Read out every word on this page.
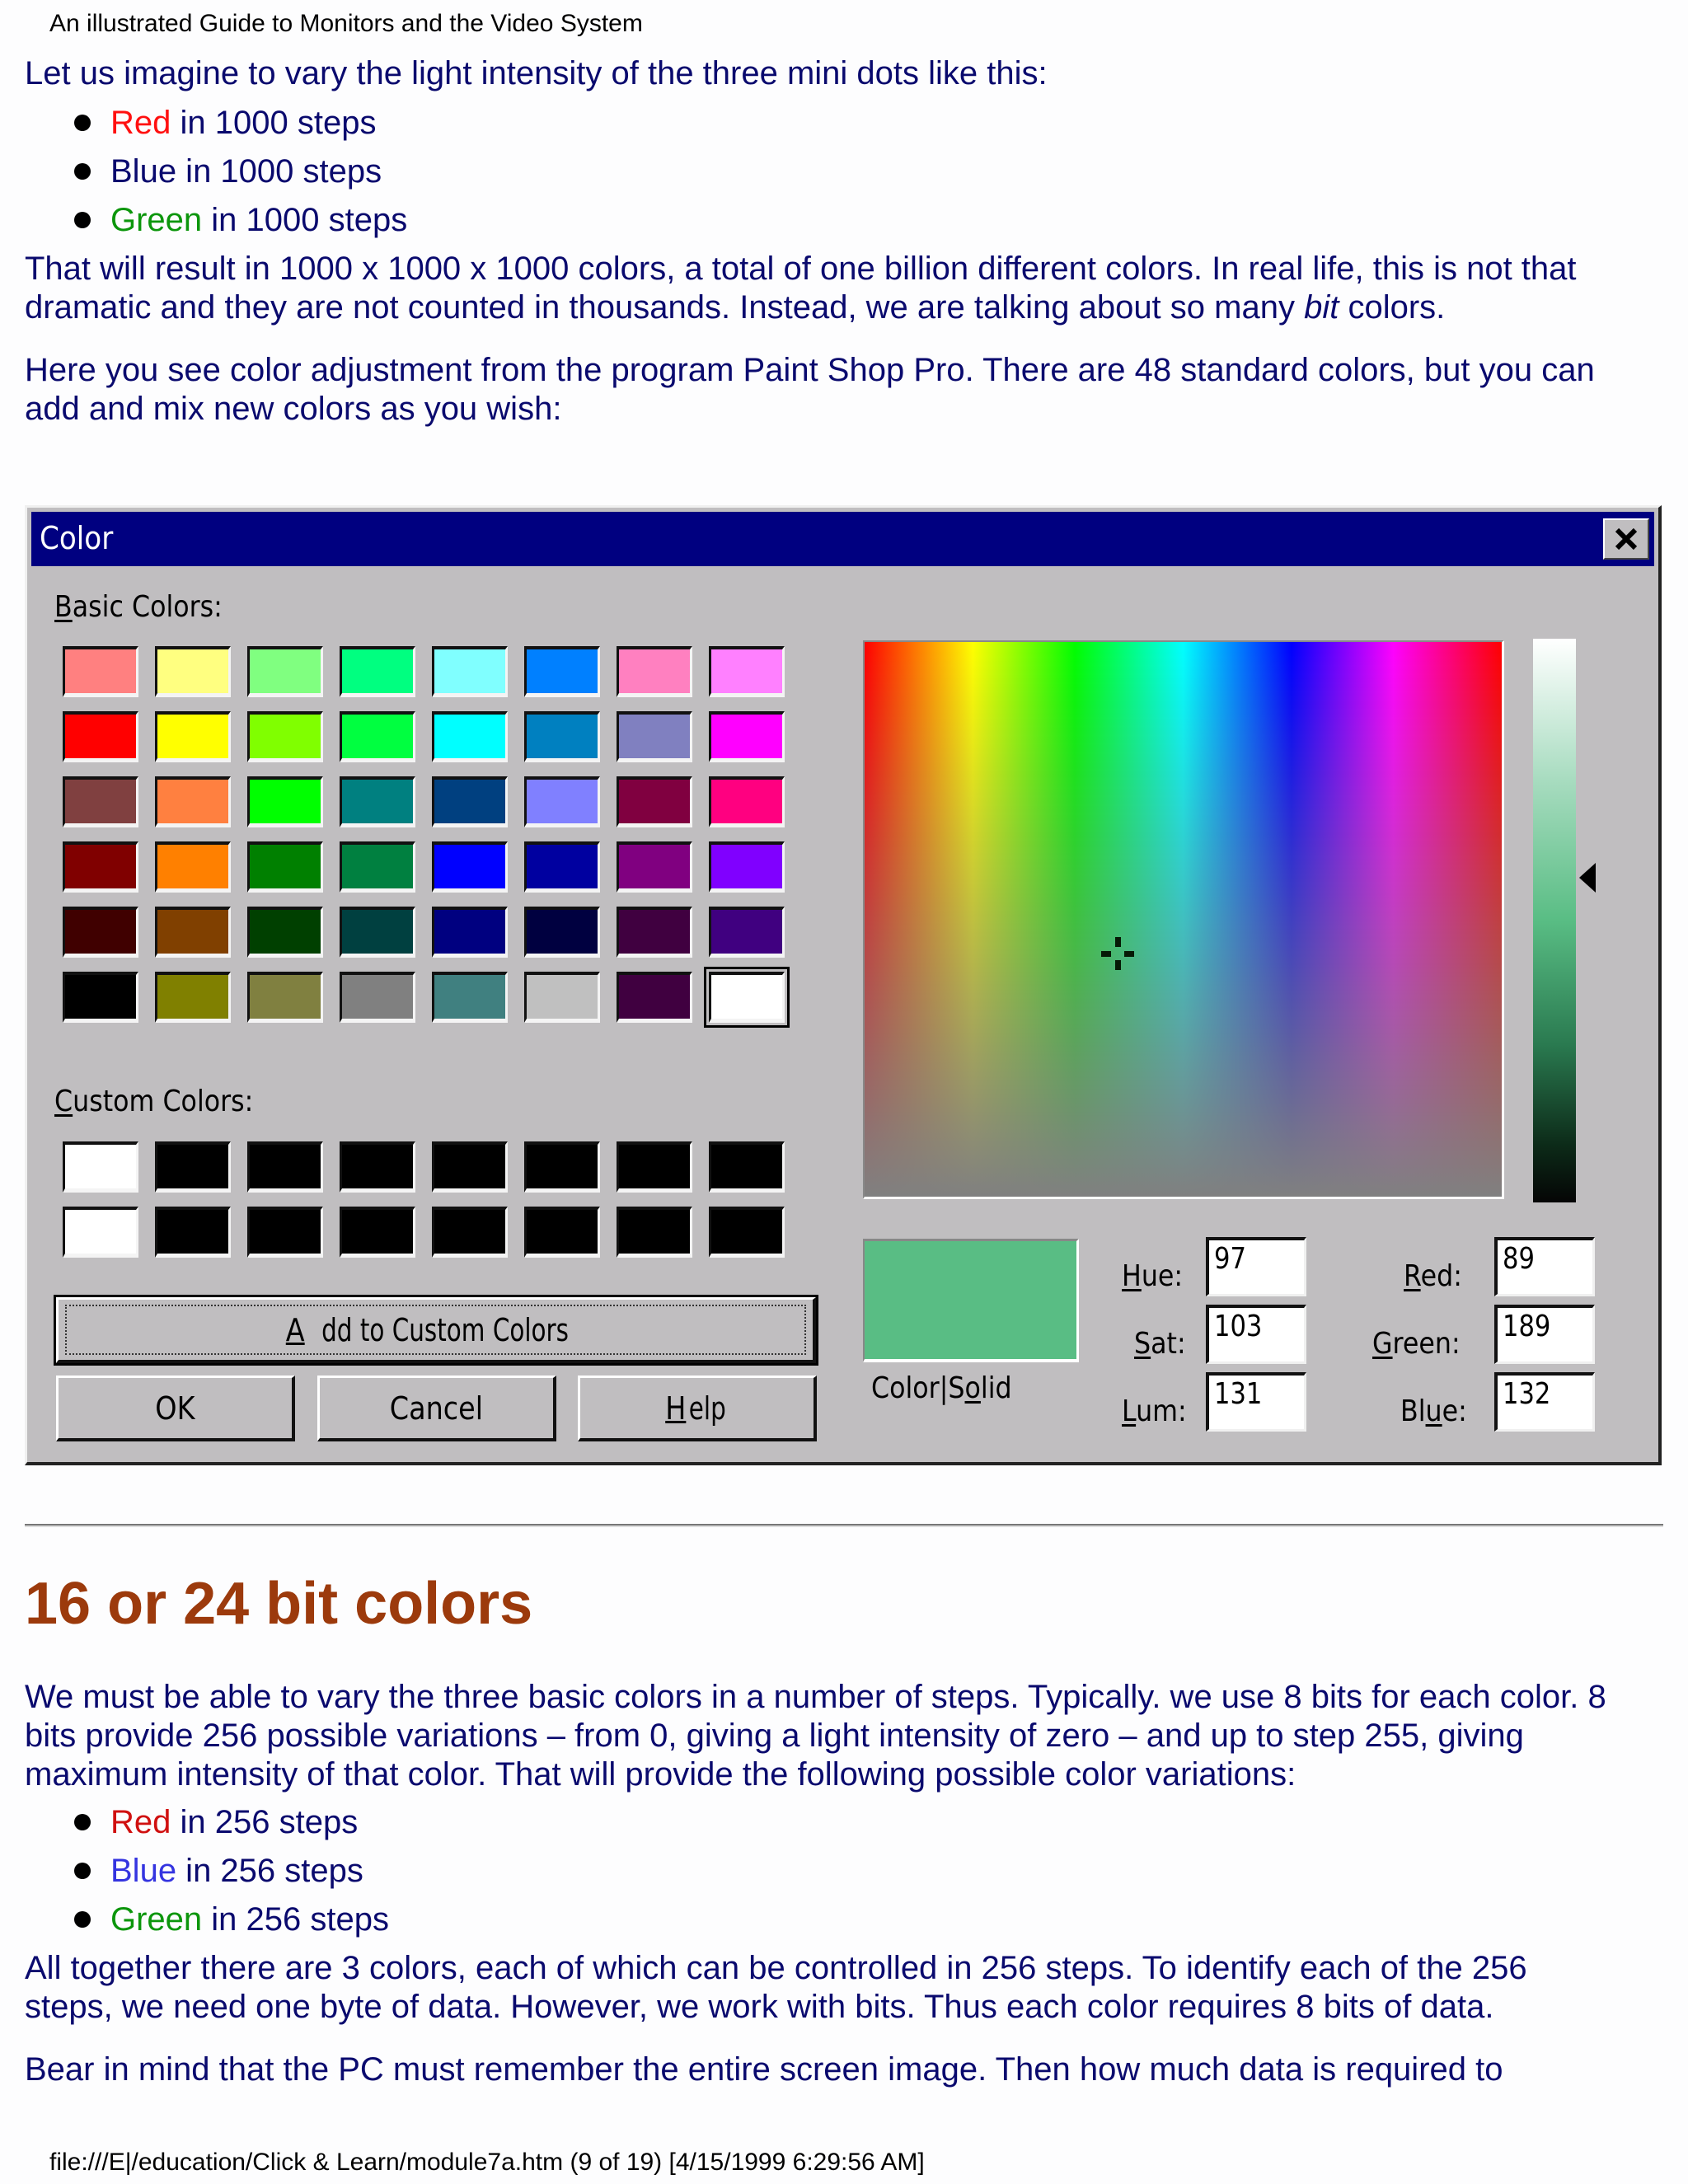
An illustrated Guide to Monitors and the Video System
Let us imagine to vary the light intensity of the three mini dots like this:
Red in 1000 steps
Blue in 1000 steps
Green in 1000 steps
That will result in 1000 x 1000 x 1000 colors, a total of one billion different colors. In real life, this is not that
dramatic and they are not counted in thousands. Instead, we are talking about so many bit colors.
Here you see color adjustment from the program Paint Shop Pro. There are 48 standard colors, but you can
add and mix new colors as you wish:
Color
Basic Colors:
Custom Colors:
A dd to Custom Colors
OK	Cancel	Help
Color|Solid
Hue:
97
Sat:
103
Lum:
131
Red:
89
Green:
189
Blue:
132
16 or 24 bit colors
We must be able to vary the three basic colors in a number of steps. Typically. we use 8 bits for each color. 8
bits provide 256 possible variations – from 0, giving a light intensity of zero – and up to step 255, giving
maximum intensity of that color. That will provide the following possible color variations:
Red in 256 steps
Blue in 256 steps
Green in 256 steps
All together there are 3 colors, each of which can be controlled in 256 steps. To identify each of the 256
steps, we need one byte of data. However, we work with bits. Thus each color requires 8 bits of data.
Bear in mind that the PC must remember the entire screen image. Then how much data is required to
file:///E|/education/Click & Learn/module7a.htm (9 of 19) [4/15/1999 6:29:56 AM]
